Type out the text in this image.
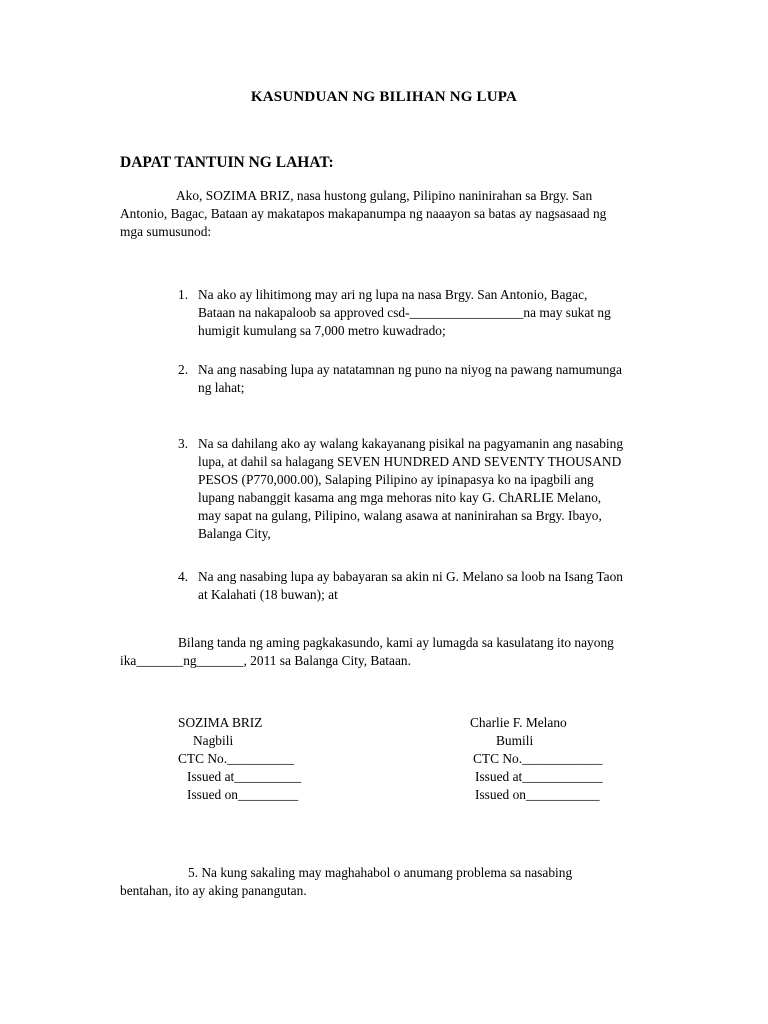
KASUNDUAN NG BILIHAN NG LUPA
DAPAT TANTUIN NG LAHAT:
Ako, SOZIMA BRIZ, nasa hustong gulang, Pilipino naninirahan sa Brgy. San
Antonio, Bagac, Bataan ay makatapos makapanumpa ng naaayon sa batas ay nagsasaad ng
mga sumusunod:
1. Na ako ay lihitimong may ari ng lupa na nasa Brgy. San Antonio, Bagac,
Bataan na nakapaloob sa approved csd-_________________na may sukat ng
humigit kumulang sa 7,000 metro kuwadrado;
2. Na ang nasabing lupa ay natatamnan ng puno na niyog na pawang namumunga
ng lahat;
3. Na sa dahilang ako ay walang kakayanang pisikal na pagyamanin ang nasabing
lupa, at dahil sa halagang SEVEN HUNDRED AND SEVENTY THOUSAND
PESOS (P770,000.00), Salaping Pilipino ay ipinapasya ko na ipagbili ang
lupang nabanggit kasama ang mga mehoras nito kay G. ChARLIE Melano,
may sapat na gulang, Pilipino, walang asawa at naninirahan sa Brgy. Ibayo,
Balanga City,
4. Na ang nasabing lupa ay babayaran sa akin ni G. Melano sa loob na Isang Taon
at Kalahati (18 buwan); at
Bilang tanda ng aming pagkakasundo, kami ay lumagda sa kasulatang ito nayong
ika_______ng_______, 2011 sa Balanga City, Bataan.
SOZIMA BRIZ
Nagbili
CTC No.__________
Issued at__________
Issued on_________
Charlie F. Melano
Bumili
CTC No.____________
Issued at____________
Issued on___________
5. Na kung sakaling may maghahabol o anumang problema sa nasabing
bentahan, ito ay aking panangutan.
